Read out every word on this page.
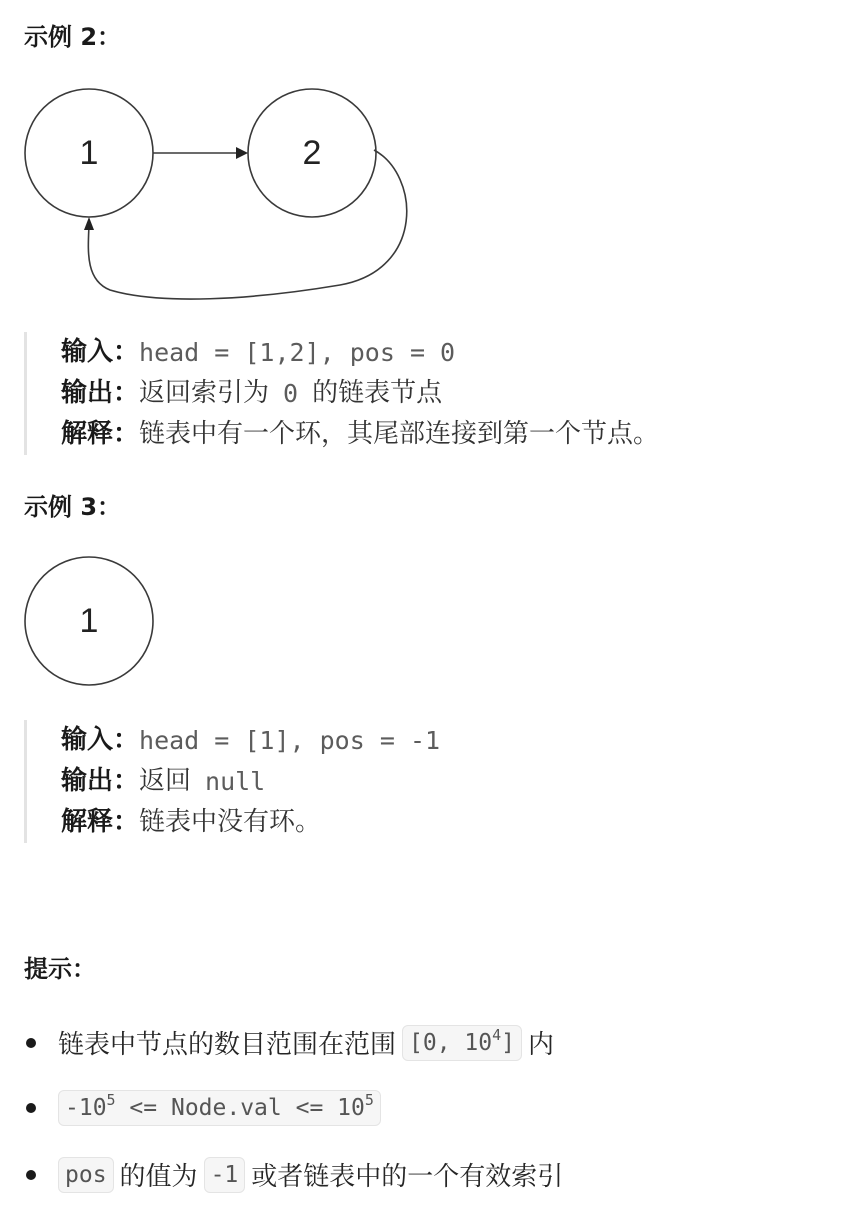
示例 2：
1	2
输入： head = [1,2], pos = 0
输出： 返回索引为 0 的链表节点
解释： 链表中有一个环，其尾部连接到第一个节点。
示例 3：
1
输入： head = [1], pos = -1
输出： 返回 null
解释： 链表中没有环。
提示：
链表中节点的数目范围在范围 [0, $10^4$ ] 内
$-10^5$ <= Node.val <= $10^5$
pos 的值为 -1 或者链表中的一个有效索引
